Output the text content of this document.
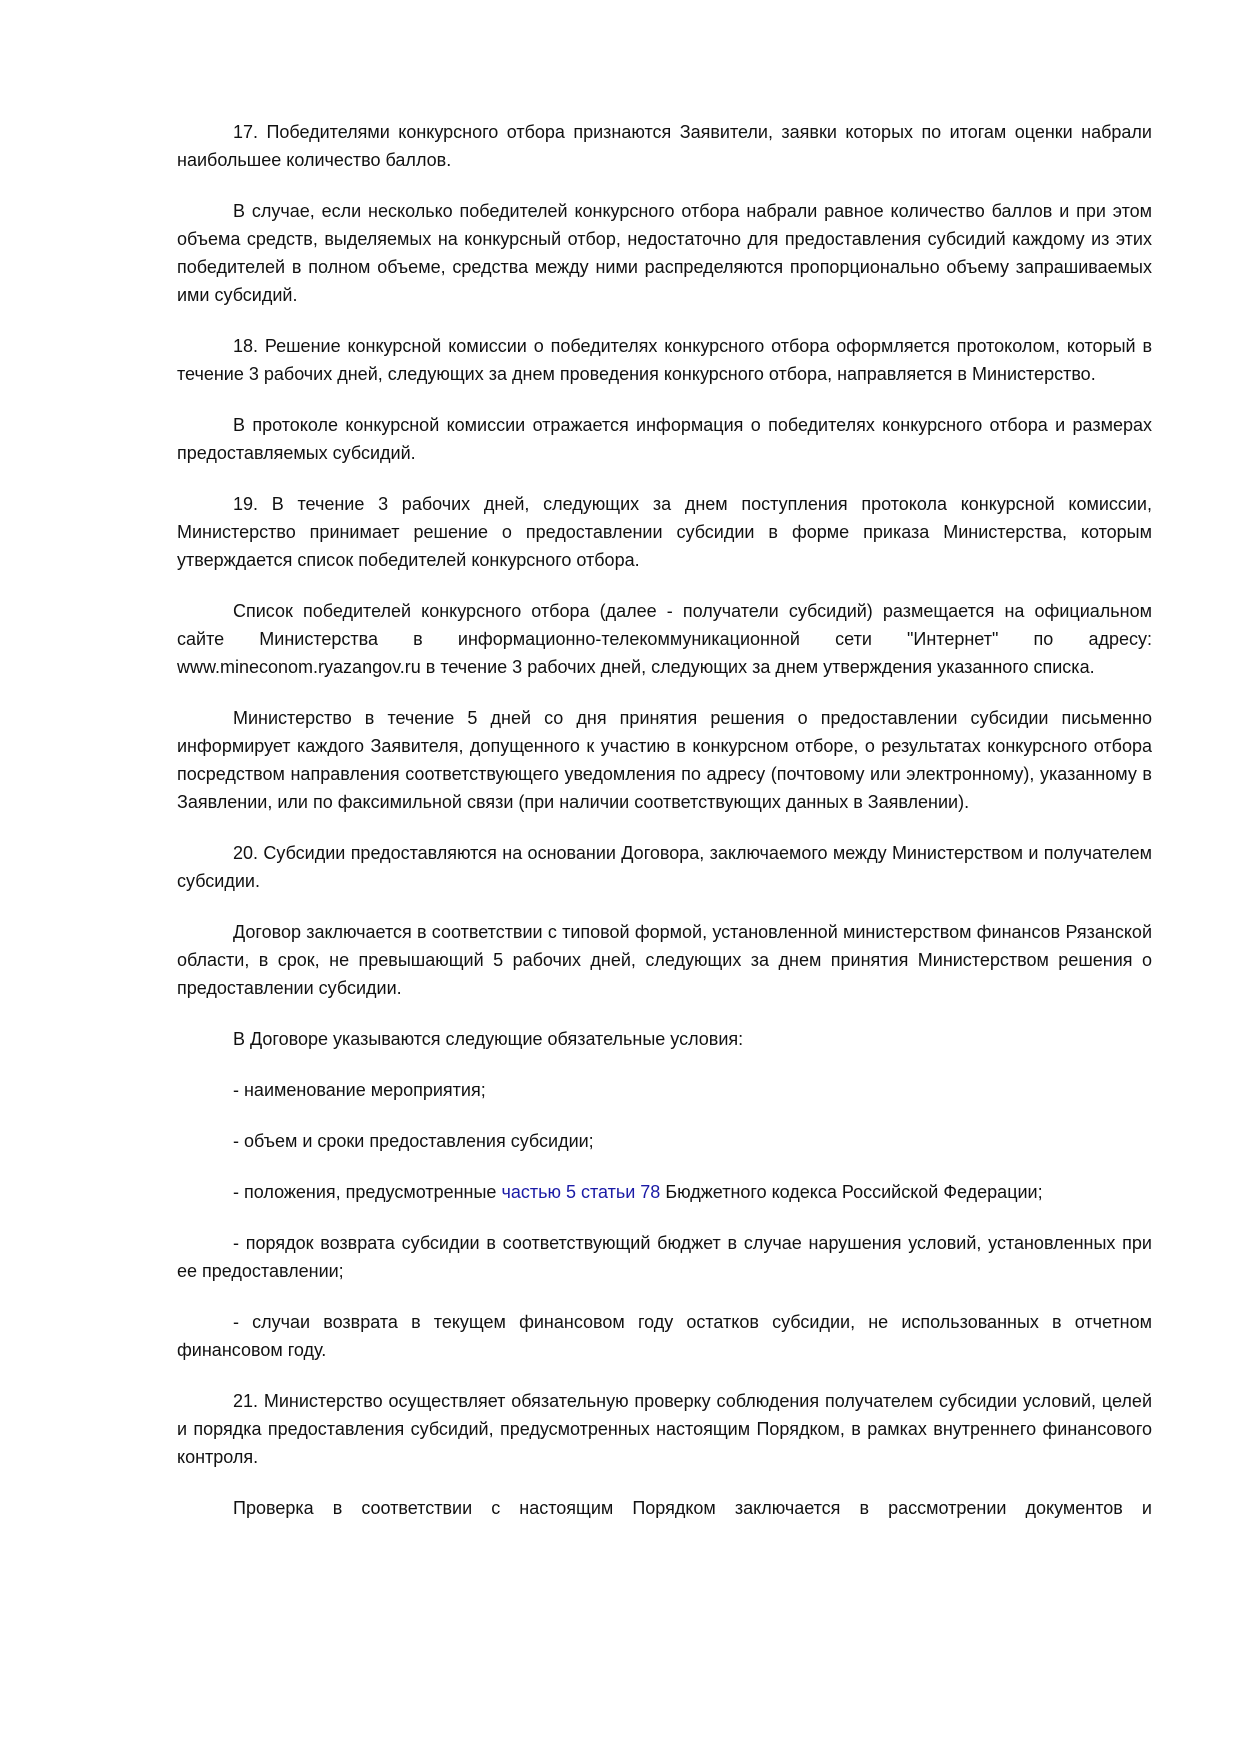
17. Победителями конкурсного отбора признаются Заявители, заявки которых по итогам оценки набрали наибольшее количество баллов.

В случае, если несколько победителей конкурсного отбора набрали равное количество баллов и при этом объема средств, выделяемых на конкурсный отбор, недостаточно для предоставления субсидий каждому из этих победителей в полном объеме, средства между ними распределяются пропорционально объему запрашиваемых ими субсидий.

18. Решение конкурсной комиссии о победителях конкурсного отбора оформляется протоколом, который в течение 3 рабочих дней, следующих за днем проведения конкурсного отбора, направляется в Министерство.

В протоколе конкурсной комиссии отражается информация о победителях конкурсного отбора и размерах предоставляемых субсидий.

19. В течение 3 рабочих дней, следующих за днем поступления протокола конкурсной комиссии, Министерство принимает решение о предоставлении субсидии в форме приказа Министерства, которым утверждается список победителей конкурсного отбора.

Список победителей конкурсного отбора (далее - получатели субсидий) размещается на официальном сайте Министерства в информационно-телекоммуникационной сети "Интернет" по адресу: www.mineconom.ryazangov.ru в течение 3 рабочих дней, следующих за днем утверждения указанного списка.

Министерство в течение 5 дней со дня принятия решения о предоставлении субсидии письменно информирует каждого Заявителя, допущенного к участию в конкурсном отборе, о результатах конкурсного отбора посредством направления соответствующего уведомления по адресу (почтовому или электронному), указанному в Заявлении, или по факсимильной связи (при наличии соответствующих данных в Заявлении).

20. Субсидии предоставляются на основании Договора, заключаемого между Министерством и получателем субсидии.

Договор заключается в соответствии с типовой формой, установленной министерством финансов Рязанской области, в срок, не превышающий 5 рабочих дней, следующих за днем принятия Министерством решения о предоставлении субсидии.

В Договоре указываются следующие обязательные условия:

- наименование мероприятия;

- объем и сроки предоставления субсидии;

- положения, предусмотренные частью 5 статьи 78 Бюджетного кодекса Российской Федерации;

- порядок возврата субсидии в соответствующий бюджет в случае нарушения условий, установленных при ее предоставлении;

- случаи возврата в текущем финансовом году остатков субсидии, не использованных в отчетном финансовом году.

21. Министерство осуществляет обязательную проверку соблюдения получателем субсидии условий, целей и порядка предоставления субсидий, предусмотренных настоящим Порядком, в рамках внутреннего финансового контроля.

Проверка в соответствии с настоящим Порядком заключается в рассмотрении документов и
